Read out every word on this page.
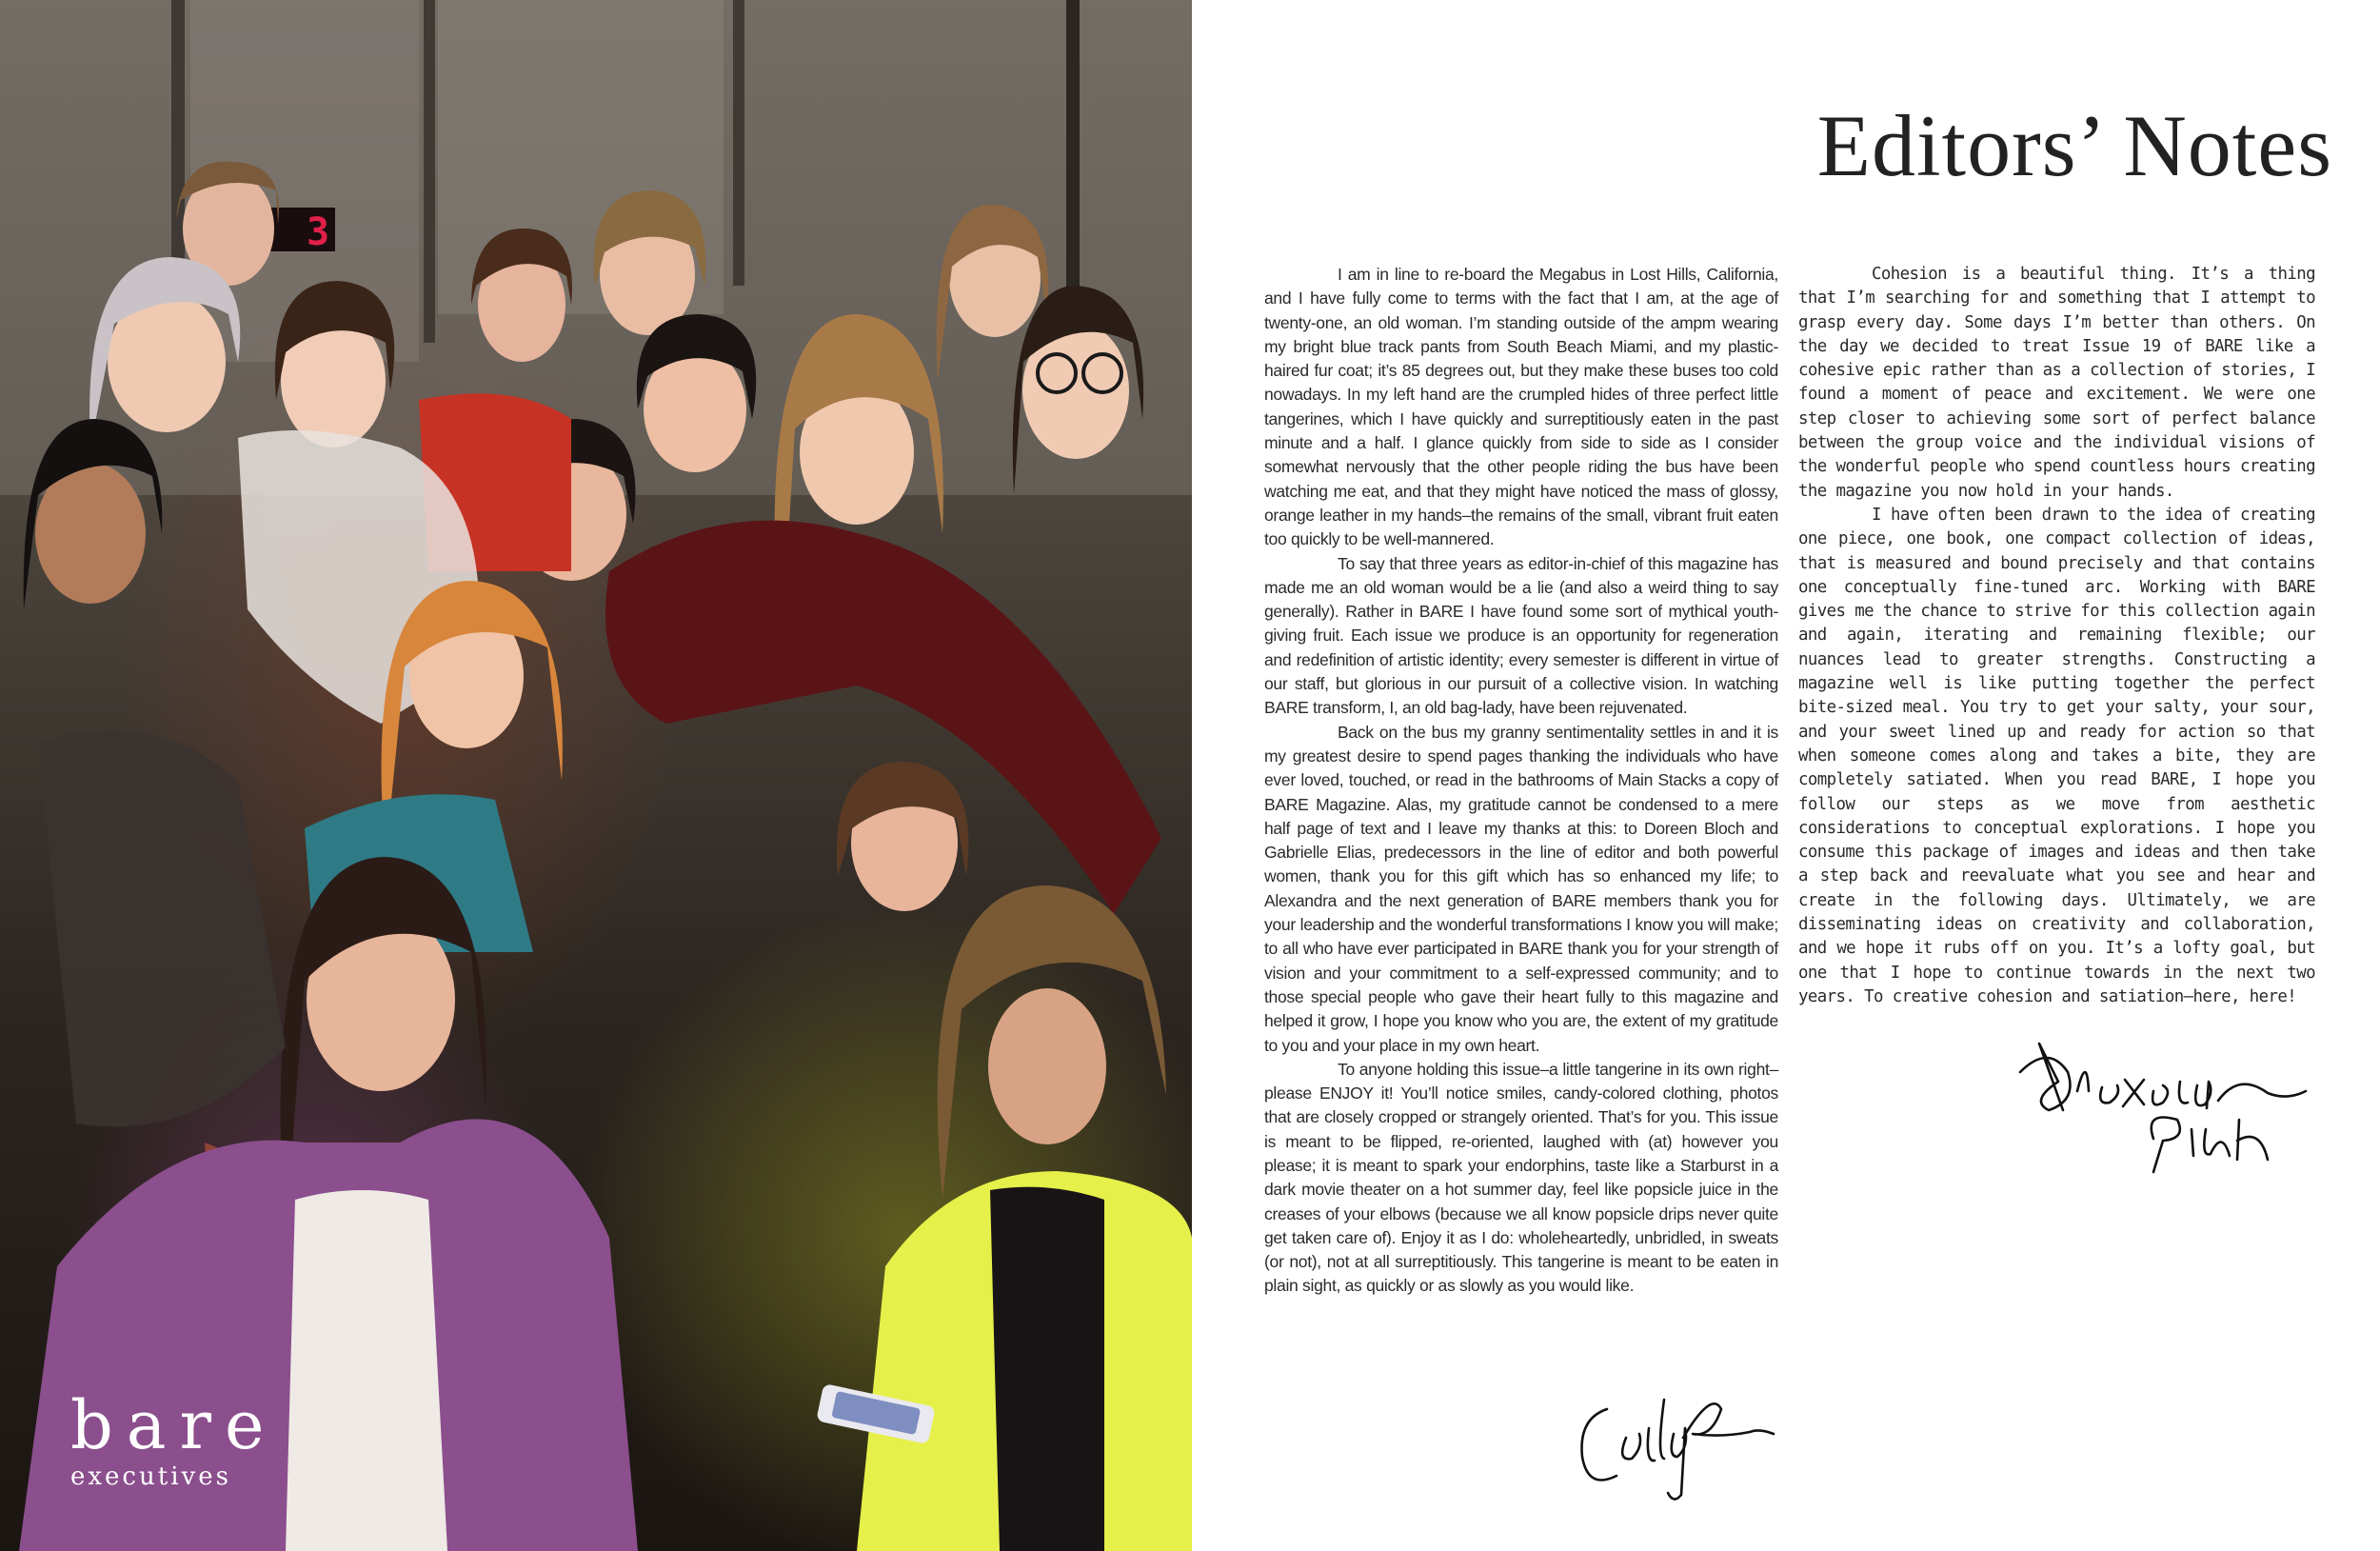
3
bare
executives
Editors’ Notes

I am in line to re-board the Megabus in Lost Hills, California, and I have fully come to terms with the fact that I am, at the age of twenty-one, an old woman. I’m standing outside of the ampm wearing my bright blue track pants from South Beach Miami, and my plastic-haired fur coat; it’s 85 degrees out, but they make these buses too cold nowadays. In my left hand are the crumpled hides of three perfect little tangerines, which I have quickly and surreptitiously eaten in the past minute and a half. I glance quickly from side to side as I consider somewhat nervously that the other people riding the bus have been watching me eat, and that they might have noticed the mass of glossy, orange leather in my hands–the remains of the small, vibrant fruit eaten too quickly to be well-mannered.

To say that three years as editor-in-chief of this magazine has made me an old woman would be a lie (and also a weird thing to say generally). Rather in BARE I have found some sort of mythical youth-giving fruit. Each issue we produce is an opportunity for regeneration and redefinition of artistic identity; every semester is different in virtue of our staff, but glorious in our pursuit of a collective vision. In watching BARE transform, I, an old bag-lady, have been rejuvenated.

Back on the bus my granny sentimentality settles in and it is my greatest desire to spend pages thanking the individuals who have ever loved, touched, or read in the bathrooms of Main Stacks a copy of BARE Magazine. Alas, my gratitude cannot be condensed to a mere half page of text and I leave my thanks at this: to Doreen Bloch and Gabrielle Elias, predecessors in the line of editor and both powerful women, thank you for this gift which has so enhanced my life; to Alexandra and the next generation of BARE members thank you for your leadership and the wonderful transformations I know you will make; to all who have ever participated in BARE thank you for your strength of vision and your commitment to a self-expressed community; and to those special people who gave their heart fully to this magazine and helped it grow, I hope you know who you are, the extent of my gratitude to you and your place in my own heart.

To anyone holding this issue–a little tangerine in its own right–please ENJOY it! You’ll notice smiles, candy-colored clothing, photos that are closely cropped or strangely oriented. That’s for you. This issue is meant to be flipped, re-oriented, laughed with (at) however you please; it is meant to spark your endorphins, taste like a Starburst in a dark movie theater on a hot summer day, feel like popsicle juice in the creases of your elbows (because we all know popsicle drips never quite get taken care of). Enjoy it as I do: wholeheartedly, unbridled, in sweats (or not), not at all surreptitiously. This tangerine is meant to be eaten in plain sight, as quickly or as slowly as you would like.

Cohesion is a beautiful thing. It’s a thing that I’m searching for and something that I attempt to grasp every day. Some days I’m better than others. On the day we decided to treat Issue 19 of BARE like a cohesive epic rather than as a collection of stories, I found a moment of peace and excitement. We were one step closer to achieving some sort of perfect balance between the group voice and the individual visions of the wonderful people who spend countless hours creating the magazine you now hold in your hands.

I have often been drawn to the idea of creating one piece, one book, one compact collection of ideas, that is measured and bound precisely and that contains one conceptually fine-tuned arc. Working with BARE gives me the chance to strive for this collection again and again, iterating and remaining flexible; our nuances lead to greater strengths. Constructing a magazine well is like putting together the perfect bite-sized meal. You try to get your salty, your sour, and your sweet lined up and ready for action so that when someone comes along and takes a bite, they are completely satiated. When you read BARE, I hope you follow our steps as we move from aesthetic considerations to conceptual explorations. I hope you consume this package of images and ideas and then take a step back and reevaluate what you see and hear and create in the following days. Ultimately, we are disseminating ideas on creativity and collaboration, and we hope it rubs off on you. It’s a lofty goal, but one that I hope to continue towards in the next two years. To creative cohesion and satiation—here, here!
